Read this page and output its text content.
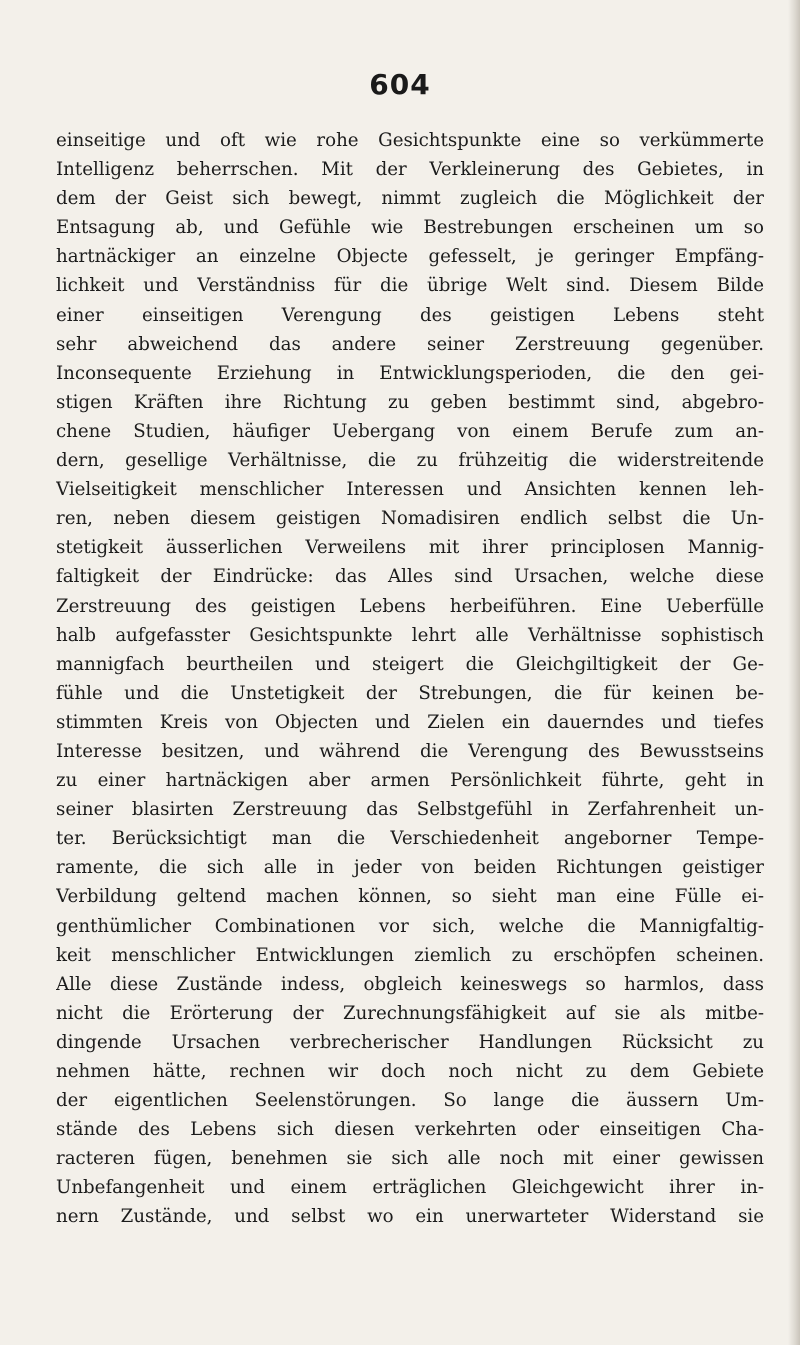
604
einseitige und oft wie rohe Gesichtspunkte eine so verkümmerte
Intelligenz beherrschen. Mit der Verkleinerung des Gebietes, in
dem der Geist sich bewegt, nimmt zugleich die Möglichkeit der
Entsagung ab, und Gefühle wie Bestrebungen erscheinen um so
hartnäckiger an einzelne Objecte gefesselt, je geringer Empfäng-
lichkeit und Verständniss für die übrige Welt sind. Diesem Bilde
einer einseitigen Verengung des geistigen Lebens steht
sehr abweichend das andere seiner Zerstreuung gegenüber.
Inconsequente Erziehung in Entwicklungsperioden, die den gei-
stigen Kräften ihre Richtung zu geben bestimmt sind, abgebro-
chene Studien, häufiger Uebergang von einem Berufe zum an-
dern, gesellige Verhältnisse, die zu frühzeitig die widerstreitende
Vielseitigkeit menschlicher Interessen und Ansichten kennen leh-
ren, neben diesem geistigen Nomadisiren endlich selbst die Un-
stetigkeit äusserlichen Verweilens mit ihrer principlosen Mannig-
faltigkeit der Eindrücke: das Alles sind Ursachen, welche diese
Zerstreuung des geistigen Lebens herbeiführen. Eine Ueberfülle
halb aufgefasster Gesichtspunkte lehrt alle Verhältnisse sophistisch
mannigfach beurtheilen und steigert die Gleichgiltigkeit der Ge-
fühle und die Unstetigkeit der Strebungen, die für keinen be-
stimmten Kreis von Objecten und Zielen ein dauerndes und tiefes
Interesse besitzen, und während die Verengung des Bewusstseins
zu einer hartnäckigen aber armen Persönlichkeit führte, geht in
seiner blasirten Zerstreuung das Selbstgefühl in Zerfahrenheit un-
ter. Berücksichtigt man die Verschiedenheit angeborner Tempe-
ramente, die sich alle in jeder von beiden Richtungen geistiger
Verbildung geltend machen können, so sieht man eine Fülle ei-
genthümlicher Combinationen vor sich, welche die Mannigfaltig-
keit menschlicher Entwicklungen ziemlich zu erschöpfen scheinen.
Alle diese Zustände indess, obgleich keineswegs so harmlos, dass
nicht die Erörterung der Zurechnungsfähigkeit auf sie als mitbe-
dingende Ursachen verbrecherischer Handlungen Rücksicht zu
nehmen hätte, rechnen wir doch noch nicht zu dem Gebiete
der eigentlichen Seelenstörungen. So lange die äussern Um-
stände des Lebens sich diesen verkehrten oder einseitigen Cha-
racteren fügen, benehmen sie sich alle noch mit einer gewissen
Unbefangenheit und einem erträglichen Gleichgewicht ihrer in-
nern Zustände, und selbst wo ein unerwarteter Widerstand sie
